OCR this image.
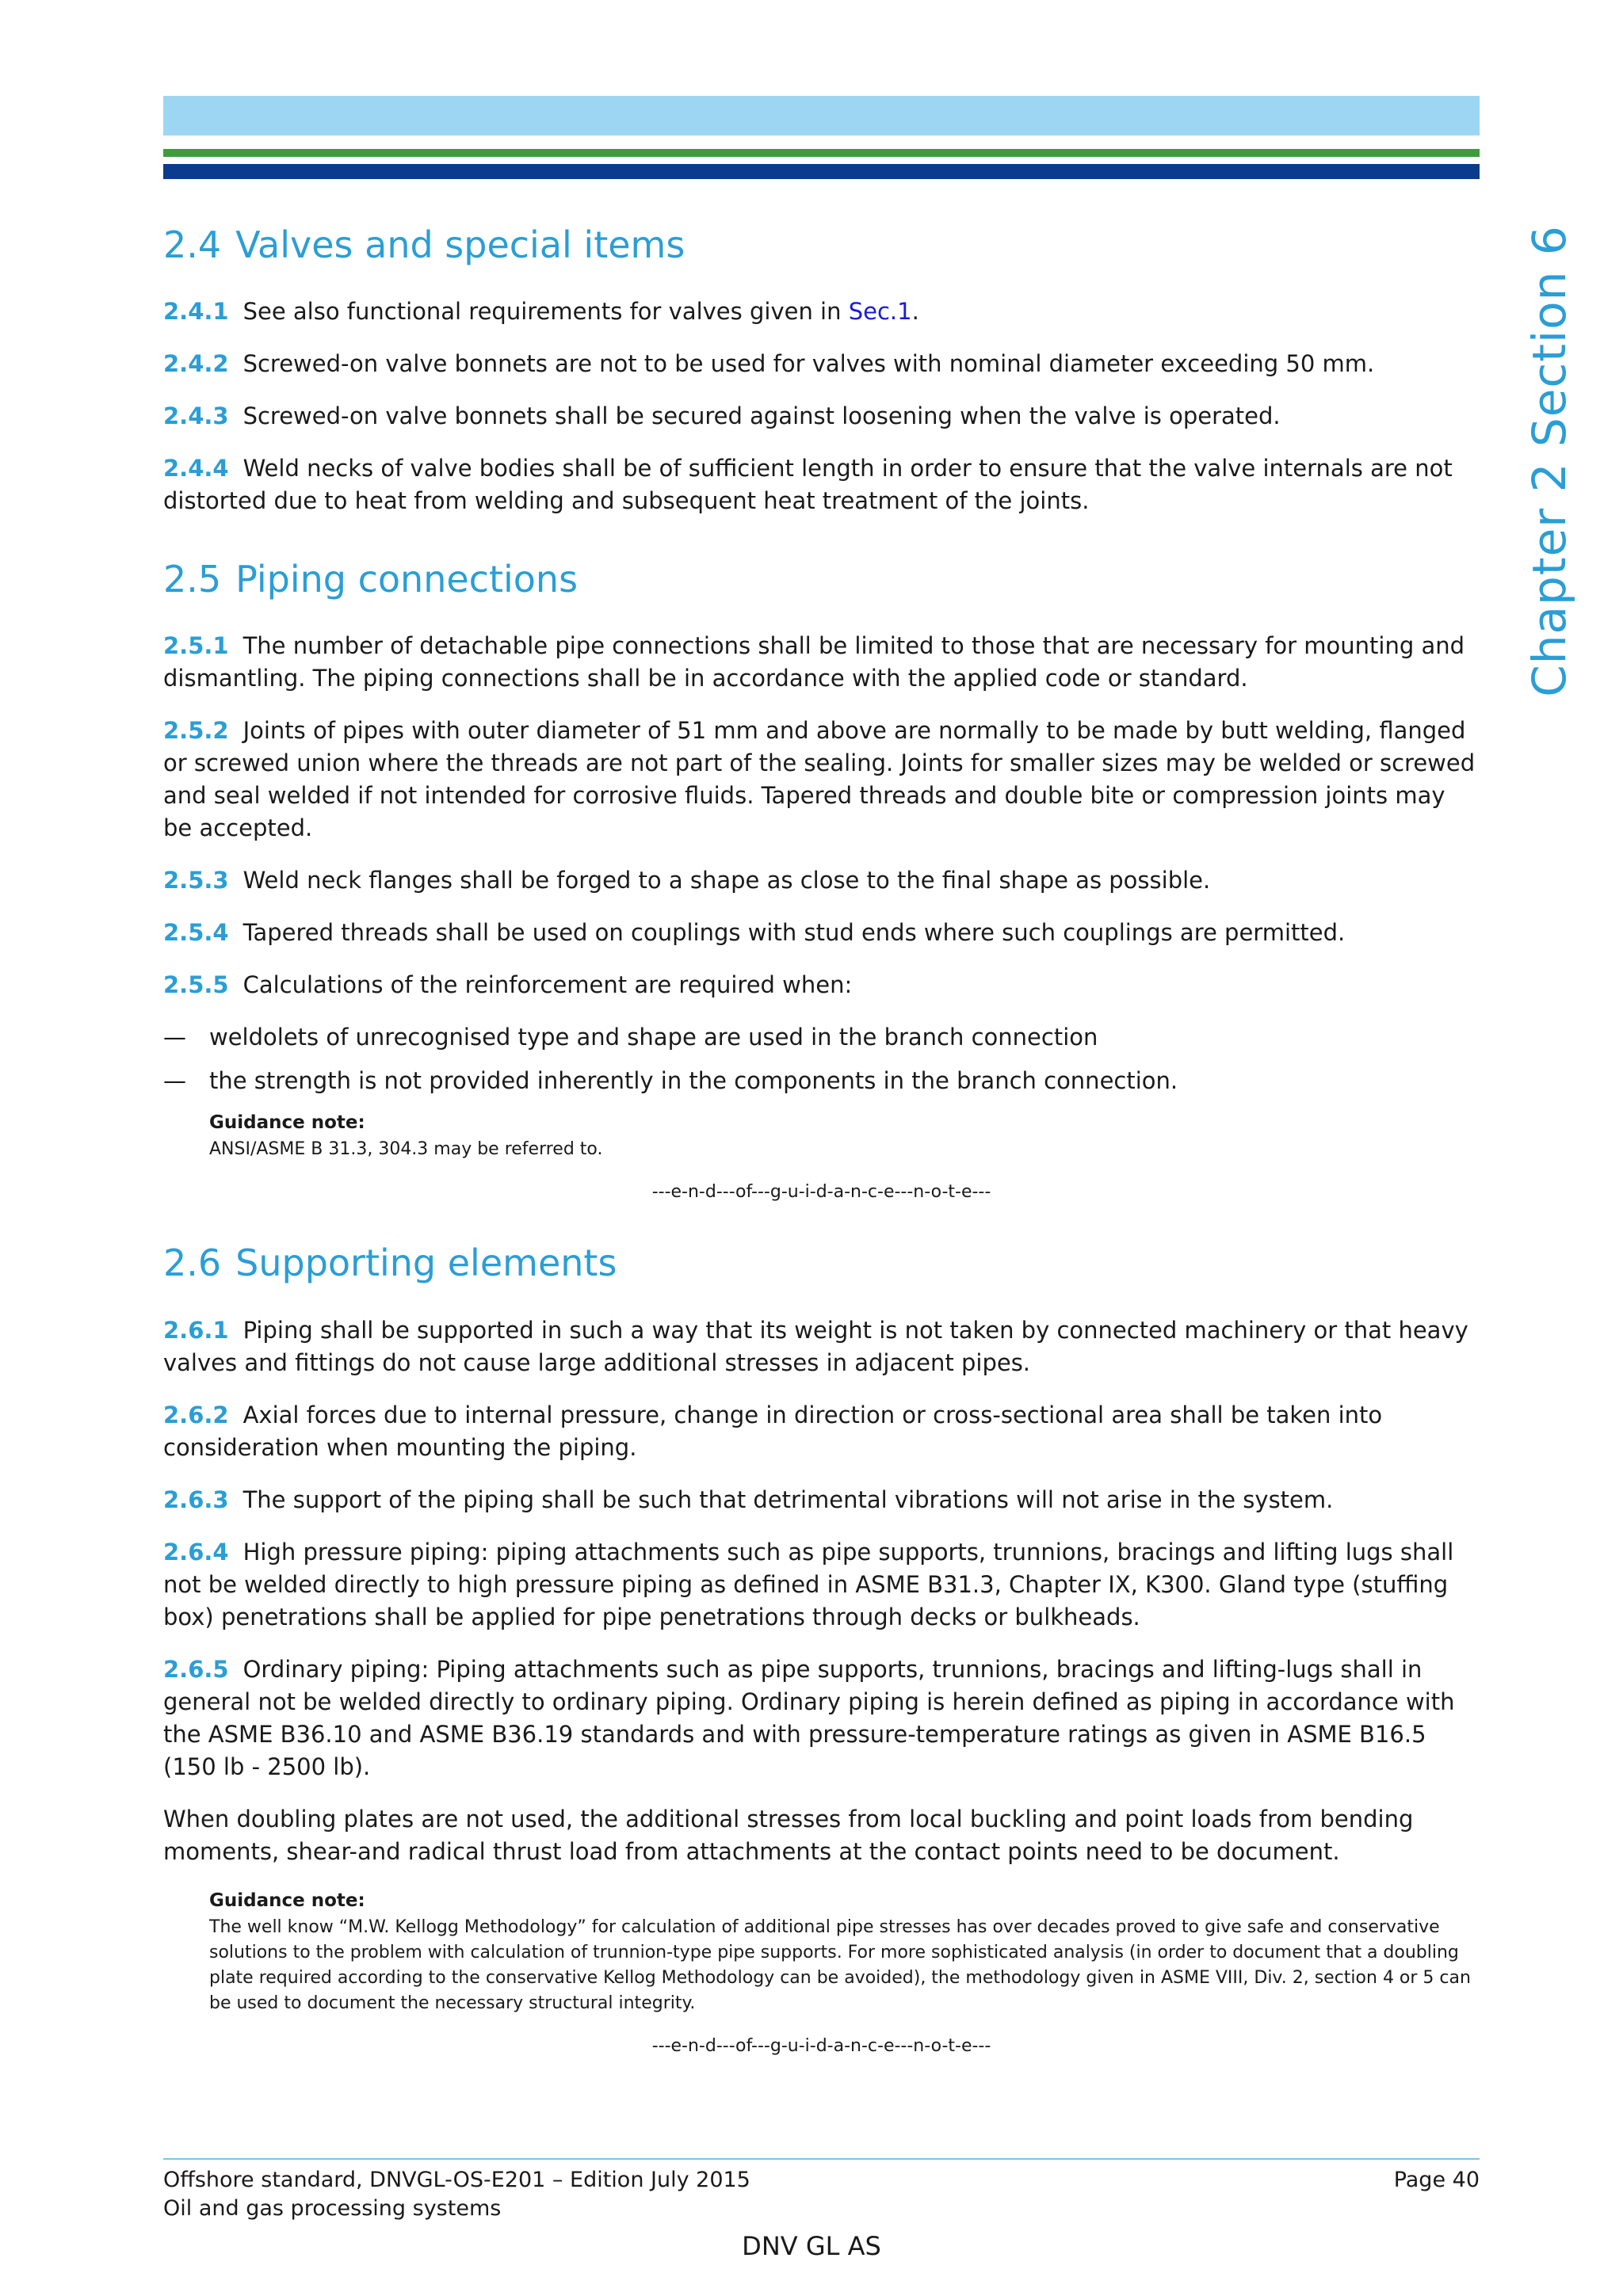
Chapter 2 Section 6
2.4 Valves and special items

2.4.1 See also functional requirements for valves given in Sec.1.

2.4.2 Screwed-on valve bonnets are not to be used for valves with nominal diameter exceeding 50 mm.

2.4.3 Screwed-on valve bonnets shall be secured against loosening when the valve is operated.

2.4.4 Weld necks of valve bodies shall be of sufficient length in order to ensure that the valve internals are not distorted due to heat from welding and subsequent heat treatment of the joints.

2.5 Piping connections

2.5.1 The number of detachable pipe connections shall be limited to those that are necessary for mounting and dismantling. The piping connections shall be in accordance with the applied code or standard.

2.5.2 Joints of pipes with outer diameter of 51 mm and above are normally to be made by butt welding, flanged or screwed union where the threads are not part of the sealing. Joints for smaller sizes may be welded or screwed and seal welded if not intended for corrosive fluids. Tapered threads and double bite or compression joints may be accepted.

2.5.3 Weld neck flanges shall be forged to a shape as close to the final shape as possible.

2.5.4 Tapered threads shall be used on couplings with stud ends where such couplings are permitted.

2.5.5 Calculations of the reinforcement are required when:

—	weldolets of unrecognised type and shape are used in the branch connection
—	the strength is not provided inherently in the components in the branch connection.
Guidance note:
ANSI/ASME B 31.3, 304.3 may be referred to.
---e-n-d---of---g-u-i-d-a-n-c-e---n-o-t-e---
2.6 Supporting elements

2.6.1 Piping shall be supported in such a way that its weight is not taken by connected machinery or that heavy valves and fittings do not cause large additional stresses in adjacent pipes.

2.6.2 Axial forces due to internal pressure, change in direction or cross-sectional area shall be taken into consideration when mounting the piping.

2.6.3 The support of the piping shall be such that detrimental vibrations will not arise in the system.

2.6.4 High pressure piping: piping attachments such as pipe supports, trunnions, bracings and lifting lugs shall not be welded directly to high pressure piping as defined in ASME B31.3, Chapter IX, K300. Gland type (stuffing box) penetrations shall be applied for pipe penetrations through decks or bulkheads.

2.6.5 Ordinary piping: Piping attachments such as pipe supports, trunnions, bracings and lifting-lugs shall in general not be welded directly to ordinary piping. Ordinary piping is herein defined as piping in accordance with the ASME B36.10 and ASME B36.19 standards and with pressure-temperature ratings as given in ASME B16.5 (150 lb - 2500 lb).

When doubling plates are not used, the additional stresses from local buckling and point loads from bending moments, shear-and radical thrust load from attachments at the contact points need to be document.

Guidance note:
The well know “M.W. Kellogg Methodology” for calculation of additional pipe stresses has over decades proved to give safe and conservative solutions to the problem with calculation of trunnion-type pipe supports. For more sophisticated analysis (in order to document that a doubling plate required according to the conservative Kellog Methodology can be avoided), the methodology given in ASME VIII, Div. 2, section 4 or 5 can be used to document the necessary structural integrity.
---e-n-d---of---g-u-i-d-a-n-c-e---n-o-t-e---
Offshore standard, DNVGL-OS-E201 – Edition July 2015
Oil and gas processing systems
Page 40
DNV GL AS
